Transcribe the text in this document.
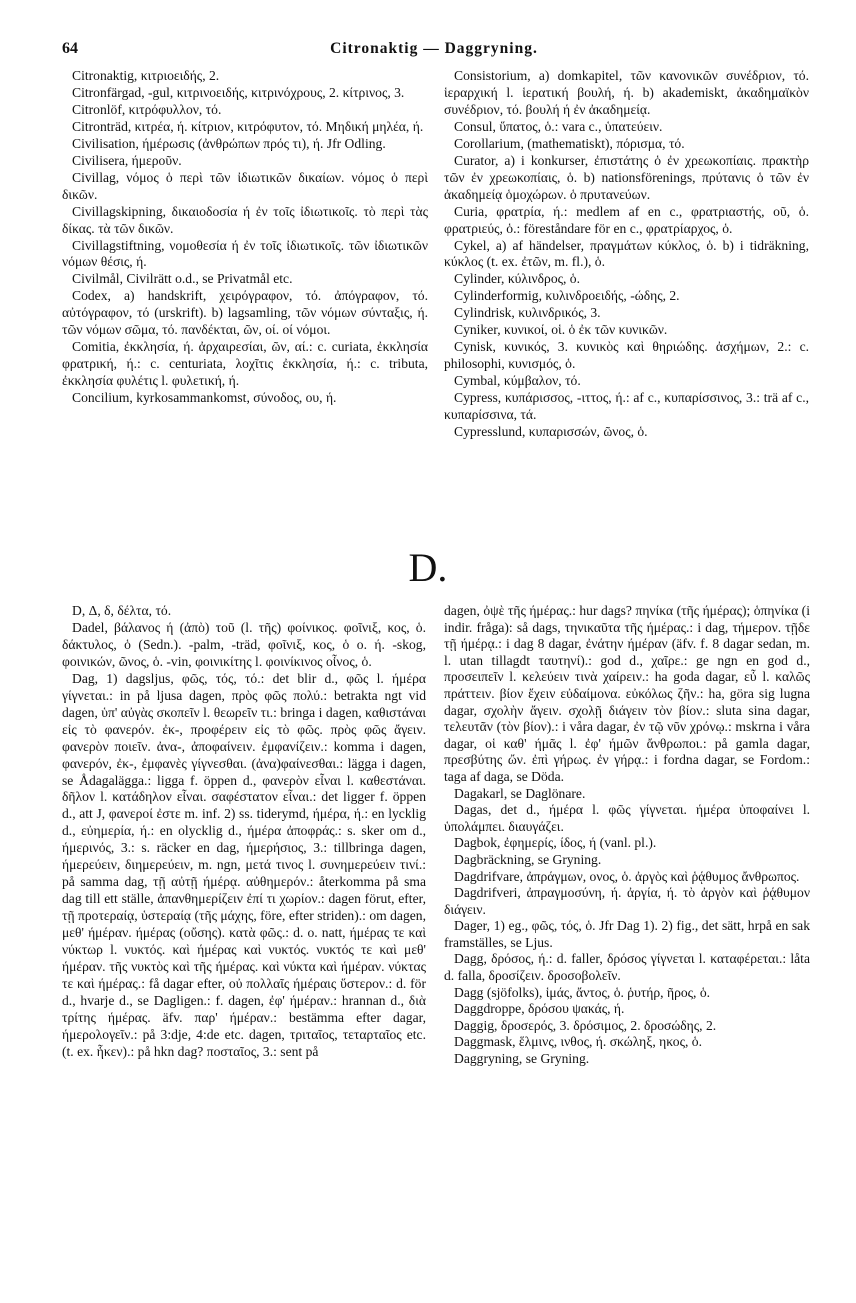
64	Citronaktig — Daggryning.

Citronaktig, κιτριοειδής, 2.

Citronfärgad, -gul, κιτρινοειδής, κιτρινόχρους, 2. κίτρινος, 3.

Citronlöf, κιτρόφυλλον, τό.

Citronträd, κιτρέα, ή. κίτριον, κιτρόφυτον, τό. Μηδική μηλέα, ή.

Civilisation, ήμέρωσις (ἀνθρώπων πρός τι), ή. Jfr Odling.

Civilisera, ήμεροῦν.

Civillag, νόμος ὁ περὶ τῶν ἰδιωτικῶν δικαίων. νόμος ὁ περὶ δικῶν.

Civillagskipning, δικαιοδοσία ή ἐν τοῖς ἰδιωτικοῖς. τὸ περὶ τὰς δίκας. τὰ τῶν δικῶν.

Civillagstiftning, νομοθεσία ή ἐν τοῖς ἰδιωτικοῖς. τῶν ἰδιωτικῶν νόμων θέσις, ή.

Civilmål, Civilrätt o.d., se Privatmål etc.

Codex, a) handskrift, χειρόγραφον, τό. ἀπόγραφον, τό. αὐτόγραφον, τό (urskrift). b) lagsamling, τῶν νόμων σύνταξις, ή. τῶν νόμων σῶμα, τό. πανδέκται, ῶν, οί. οί νόμοι.

Comitia, ἐκκλησία, ή. ἀρχαιρεσίαι, ῶν, αί.: c. curiata, ἐκκλησία φρατρική, ή.: c. centuriata, λοχῖτις ἐκκλησία, ή.: c. tributa, ἐκκλησία φυλέτις l. φυλετική, ή.

Concilium, kyrkosammankomst, σύνοδος, ου, ή.

Consistorium, a) domkapitel, τῶν κανονικῶν συνέδριον, τό. ἱεραρχική l. ἱερατική βουλή, ή. b) akademiskt, ἀκαδημαϊκὸν συνέδριον, τό. βουλή ή ἐν ἀκαδημείᾳ.

Consul, ὕπατος, ὁ.: vara c., ὑπατεύειν.

Corollarium, (mathematiskt), πόρισμα, τό.

Curator, a) i konkurser, ἐπιστάτης ὁ ἐν χρεωκοπίαις. πρακτὴρ τῶν ἐν χρεωκοπίαις, ὁ. b) nationsförenings, πρύτανις ὁ τῶν ἐν ἀκαδημείᾳ ὁμοχώρων. ὁ πρυτανεύων.

Curia, φρατρία, ή.: medlem af en c., φρατριαστής, οῦ, ὁ. φρατριεύς, ὁ.: föreståndare för en c., φρατρίαρχος, ὁ.

Cykel, a) af händelser, πραγμάτων κύκλος, ὁ. b) i tidräkning, κύκλος (t. ex. ἐτῶν, m. fl.), ὁ.

Cylinder, κύλινδρος, ὁ.

Cylinderformig, κυλινδροειδής, -ώδης, 2.

Cylindrisk, κυλινδρικός, 3.

Cyniker, κυνικοί, οἱ. ὁ ἐκ τῶν κυνικῶν.

Cynisk, κυνικός, 3. κυνικὸς καὶ θηριώδης. ἀσχήμων, 2.: c. philosophi, κυνισμός, ὁ.

Cymbal, κύμβαλον, τό.

Cypress, κυπάρισσος, -ιττος, ή.: af c., κυπαρίσσινος, 3.: trä af c., κυπαρίσσινα, τά.

Cypresslund, κυπαρισσών, ῶνος, ὁ.

D.

D, Δ, δ, δέλτα, τό.

Dadel, βάλανος ή (ἀπὸ) τοῦ (l. τῆς) φοίνικος. φοῖνιξ, κος, ὁ. δάκτυλος, ὁ (Sedn.). -palm, -träd, φοῖνιξ, κος, ὁ o. ή. -skog, φοινικών, ῶνος, ὁ. -vin, φοινικίτης l. φοινίκινος οἶνος, ὁ.

Dag, 1) dagsljus, φῶς, τός, τό.: det blir d., φῶς l. ήμέρα γίγνεται.: in på ljusa dagen, πρὸς φῶς πολύ.: betrakta ngt vid dagen, ὑπ' αὐγὰς σκοπεῖν l. θεωρεῖν τι.: bringa i dagen, καθιστάναι εἰς τὸ φανερόν. ἐκ-, προφέρειν εἰς τὸ φῶς. πρὸς φῶς ἄγειν. φανερὸν ποιεῖν. ἀνα-, ἀποφαίνειν. ἐμφανίζειν.: komma i dagen, φανερόν, ἐκ-, ἐμφανὲς γίγνεσθαι. (ἀνα)φαίνεσθαι.: lägga i dagen, se Ådagalägga.: ligga f. öppen d., φανερὸν εἶναι l. καθεστάναι. δῆλον l. κατάδηλον εἶναι. σαφέστατον εἶναι.: det ligger f. öppen d., att J, φανεροί ἐστε m. inf. 2) ss. tiderymd, ήμέρα, ή.: en lycklig d., εὐημερία, ή.: en olycklig d., ήμέρα ἀποφράς.: s. sker om d., ήμερινός, 3.: s. räcker en dag, ήμερήσιος, 3.: tillbringa dagen, ήμερεύειν, διημερεύειν, m. ngn, μετά τινος l. συνημερεύειν τινί.: på samma dag, τῇ αὐτῇ ήμέρᾳ. αὐθημερόν.: återkomma på sma dag till ett ställe, ἀπανθημερίζειν ἐπί τι χωρίον.: dagen förut, efter, τῇ προτεραίᾳ, ὑστεραίᾳ (τῆς μάχης, före, efter striden).: om dagen, μεθ' ήμέραν. ήμέρας (οὔσης). κατὰ φῶς.: d. o. natt, ήμέρας τε καὶ νύκτωρ l. νυκτός. καὶ ήμέρας καὶ νυκτός. νυκτός τε καὶ μεθ' ήμέραν. τῆς νυκτὸς καὶ τῆς ήμέρας. καὶ νύκτα καὶ ήμέραν. νύκτας τε καὶ ήμέρας.: få dagar efter, οὐ πολλαῖς ήμέραις ὕστερον.: d. för d., hvarje d., se Dagligen.: f. dagen, ἐφ' ήμέραν.: hrannan d., διὰ τρίτης ήμέρας. äfv. παρ' ήμέραν.: bestämma efter dagar, ήμερολογεῖν.: på 3:dje, 4:de etc. dagen, τριταῖος, τεταρταῖος etc. (t. ex. ἧκεν).: på hkn dag? ποσταῖος, 3.: sent på

dagen, ὀψὲ τῆς ήμέρας.: hur dags? πηνίκα (τῆς ήμέρας); ὁπηνίκα (i indir. fråga): så dags, τηνικαῦτα τῆς ήμέρας.: i dag, τήμερον. τῇδε τῇ ήμέρᾳ.: i dag 8 dagar, ἐνάτην ήμέραν (äfv. f. 8 dagar sedan, m. l. utan tillagdt ταυτηνί).: god d., χαῖρε.: ge ngn en god d., προσειπεῖν l. κελεύειν τινὰ χαίρειν.: ha goda dagar, εὖ l. καλῶς πράττειν. βίον ἔχειν εὐδαίμονα. εὐκόλως ζῆν.: ha, göra sig lugna dagar, σχολὴν ἄγειν. σχολῇ διάγειν τὸν βίον.: sluta sina dagar, τελευτᾶν (τὸν βίον).: i våra dagar, ἐν τῷ νῦν χρόνῳ.: mskrna i våra dagar, οἱ καθ' ήμᾶς l. ἐφ' ήμῶν ἄνθρωποι.: på gamla dagar, πρεσβύτης ὤν. ἐπὶ γήρως. ἐν γήρᾳ.: i fordna dagar, se Fordom.: taga af daga, se Döda.

Dagakarl, se Daglönare.

Dagas, det d., ήμέρα l. φῶς γίγνεται. ήμέρα ὑποφαίνει l. ὑπολάμπει. διαυγάζει.

Dagbok, ἐφημερίς, ίδος, ή (vanl. pl.).

Dagbräckning, se Gryning.

Dagdrifvare, ἀπράγμων, ονος, ὁ. ἀργὸς καὶ ῥᾴθυμος ἄνθρωπος.

Dagdrifveri, ἀπραγμοσύνη, ή. ἀργία, ή. τὸ ἀργὸν καὶ ῥᾴθυμον διάγειν.

Dager, 1) eg., φῶς, τός, ὁ. Jfr Dag 1). 2) fig., det sätt, hrpå en sak framställes, se Ljus.

Dagg, δρόσος, ή.: d. faller, δρόσος γίγνεται l. καταφέρεται.: låta d. falla, δροσίζειν. δροσοβολεῖν.

Dagg (sjöfolks), ἱμάς, ἄντος, ὁ. ῥυτήρ, ῆρος, ὁ.

Daggdroppe, δρόσου ψακάς, ή.

Daggig, δροσερός, 3. δρόσιμος, 2. δροσώδης, 2.

Daggmask, ἕλμινς, ινθος, ή. σκώληξ, ηκος, ὁ.

Daggryning, se Gryning.
